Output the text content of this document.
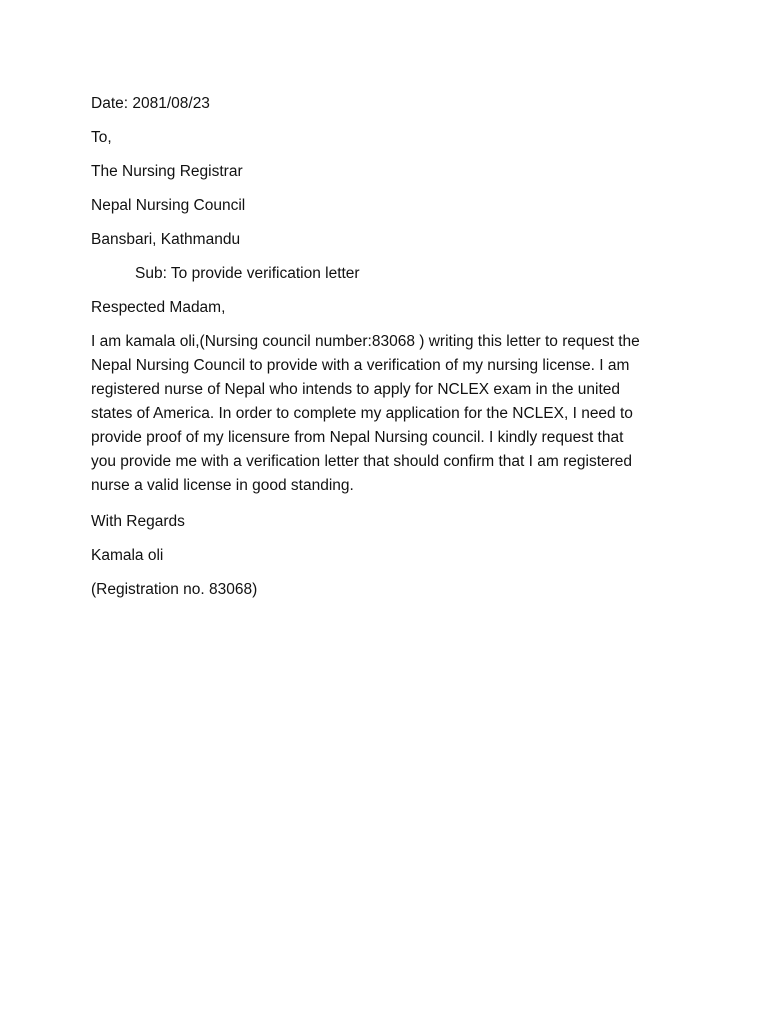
Date: 2081/08/23

To,

The Nursing Registrar

Nepal Nursing Council

Bansbari, Kathmandu

Sub: To provide verification letter

Respected Madam,

I am kamala oli,(Nursing council number:83068 ) writing this letter to request the
Nepal Nursing Council to provide with a verification of my nursing license. I am
registered nurse of Nepal who intends to apply for NCLEX exam in the united
states of America. In order to complete my application for the NCLEX, I need to
provide proof of my licensure from Nepal Nursing council. I kindly request that
you provide me with a verification letter that should confirm that I am registered
nurse a valid license in good standing.

With Regards

Kamala oli

(Registration no. 83068)
